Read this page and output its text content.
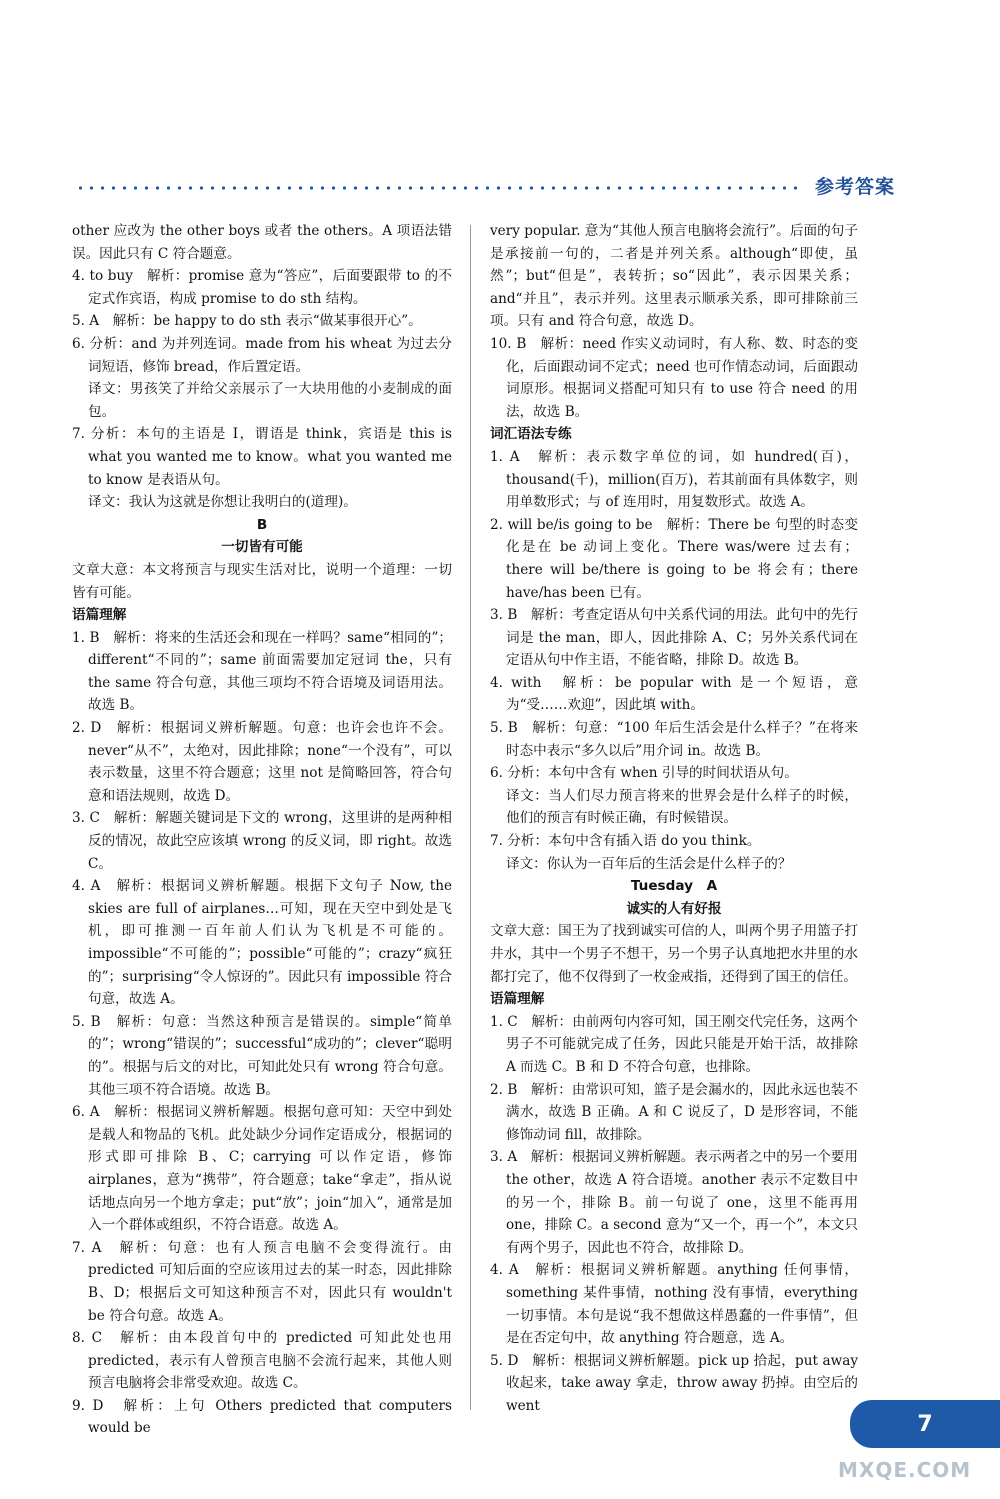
参考答案

other 应改为 the other boys 或者 the others。A 项语法错误。因此只有 C 符合题意。

4. to buy　解析：promise 意为“答应”，后面要跟带 to 的不定式作宾语，构成 promise to do sth 结构。

5. A　解析：be happy to do sth 表示“做某事很开心”。

6. 分析：and 为并列连词。made from his wheat 为过去分词短语，修饰 bread，作后置定语。

译文：男孩笑了并给父亲展示了一大块用他的小麦制成的面包。

7. 分析：本句的主语是 I，谓语是 think，宾语是 this is what you wanted me to know。what you wanted me to know 是表语从句。

译文：我认为这就是你想让我明白的(道理)。

B

一切皆有可能

文章大意：本文将预言与现实生活对比，说明一个道理：一切皆有可能。

语篇理解

1. B　解析：将来的生活还会和现在一样吗？same“相同的”；different“不同的”；same 前面需要加定冠词 the，只有 the same 符合句意，其他三项均不符合语境及词语用法。故选 B。

2. D　解析：根据词义辨析解题。句意：也许会也许不会。never“从不”，太绝对，因此排除；none“一个没有”，可以表示数量，这里不符合题意；这里 not 是简略回答，符合句意和语法规则，故选 D。

3. C　解析：解题关键词是下文的 wrong，这里讲的是两种相反的情况，故此空应该填 wrong 的反义词，即 right。故选 C。

4. A　解析：根据词义辨析解题。根据下文句子 Now, the skies are full of airplanes…可知，现在天空中到处是飞机，即可推测一百年前人们认为飞机是不可能的。impossible“不可能的”；possible“可能的”；crazy“疯狂的”；surprising“令人惊讶的”。因此只有 impossible 符合句意，故选 A。

5. B　解析：句意：当然这种预言是错误的。simple“简单的”；wrong“错误的”；successful“成功的”；clever“聪明的”。根据与后文的对比，可知此处只有 wrong 符合句意。其他三项不符合语境。故选 B。

6. A　解析：根据词义辨析解题。根据句意可知：天空中到处是载人和物品的飞机。此处缺少分词作定语成分，根据词的形式即可排除 B、C；carrying 可以作定语，修饰 airplanes，意为“携带”，符合题意；take“拿走”，指从说话地点向另一个地方拿走；put“放”；join“加入”，通常是加入一个群体或组织，不符合语意。故选 A。

7. A　解析：句意：也有人预言电脑不会变得流行。由 predicted 可知后面的空应该用过去的某一时态，因此排除 B、D；根据后文可知这种预言不对，因此只有 wouldn't be 符合句意。故选 A。

8. C　解析：由本段首句中的 predicted 可知此处也用 predicted，表示有人曾预言电脑不会流行起来，其他人则预言电脑将会非常受欢迎。故选 C。

9. D　解析：上句 Others predicted that computers would be

very popular. 意为“其他人预言电脑将会流行”。后面的句子是承接前一句的，二者是并列关系。although“即使，虽然”；but“但是”，表转折；so“因此”，表示因果关系；and“并且”，表示并列。这里表示顺承关系，即可排除前三项。只有 and 符合句意，故选 D。

10. B　解析：need 作实义动词时，有人称、数、时态的变化，后面跟动词不定式；need 也可作情态动词，后面跟动词原形。根据词义搭配可知只有 to use 符合 need 的用法，故选 B。

词汇语法专练

1. A　解析：表示数字单位的词，如 hundred(百)，thousand(千)，million(百万)，若其前面有具体数字，则用单数形式；与 of 连用时，用复数形式。故选 A。

2. will be/is going to be　解析：There be 句型的时态变化是在 be 动词上变化。There was/were 过去有；there will be/there is going to be 将会有；there have/has been 已有。

3. B　解析：考查定语从句中关系代词的用法。此句中的先行词是 the man，即人，因此排除 A、C；另外关系代词在定语从句中作主语，不能省略，排除 D。故选 B。

4. with　解析：be popular with 是一个短语，意为“受……欢迎”，因此填 with。

5. B　解析：句意：“100 年后生活会是什么样子？”在将来时态中表示“多久以后”用介词 in。故选 B。

6. 分析：本句中含有 when 引导的时间状语从句。

译文：当人们尽力预言将来的世界会是什么样子的时候，他们的预言有时候正确，有时候错误。

7. 分析：本句中含有插入语 do you think。

译文：你认为一百年后的生活会是什么样子的？

Tuesday　A

诚实的人有好报

文章大意：国王为了找到诚实可信的人，叫两个男子用篮子打井水，其中一个男子不想干，另一个男子认真地把水井里的水都打完了，他不仅得到了一枚金戒指，还得到了国王的信任。

语篇理解

1. C　解析：由前两句内容可知，国王刚交代完任务，这两个男子不可能就完成了任务，因此只能是开始干活，故排除 A 而选 C。B 和 D 不符合句意，也排除。

2. B　解析：由常识可知，篮子是会漏水的，因此永远也装不满水，故选 B 正确。A 和 C 说反了，D 是形容词，不能修饰动词 fill，故排除。

3. A　解析：根据词义辨析解题。表示两者之中的另一个要用 the other，故选 A 符合语境。another 表示不定数目中的另一个，排除 B。前一句说了 one，这里不能再用 one，排除 C。a second 意为“又一个，再一个”，本文只有两个男子，因此也不符合，故排除 D。

4. A　解析：根据词义辨析解题。anything 任何事情，something 某件事情，nothing 没有事情，everything 一切事情。本句是说“我不想做这样愚蠢的一件事情”，但是在否定句中，故 anything 符合题意，选 A。

5. D　解析：根据词义辨析解题。pick up 拾起，put away 收起来，take away 拿走，throw away 扔掉。由空后的 went

7
MXQE.COM
